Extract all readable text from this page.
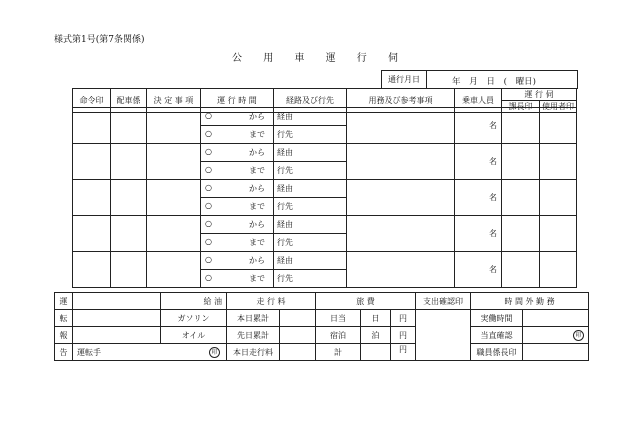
様式第1号(第7条関係)
公 用 車 運 行 伺
通行月日	年 月 日 ( 曜日)
命令印	配車係	決 定 事 項	運 行 時 間	経路及び行先	用務及び参考事項	乗車人員	運 行 伺	
							課長印	使用者印
			○ から	経由		名		
			○ まで	行先				
			○ から	経由		名		
			○ まで	行先				
			○ から	経由		名		
			○ まで	行先				
			○ から	経由		名		
			○ まで	行先				
			○ から	経由		名		
			○ まで	行先				
運		給 油	走 行 料		旅 費			支出確認印	時 間 外 勤 務	
転		ガソリン	本日累計		日当	日	円		実働時間	
報		オイル	先日累計		宿泊	泊	円		当直確認	印
告	運転手 印		本日走行料		計		円		職員係長印	
